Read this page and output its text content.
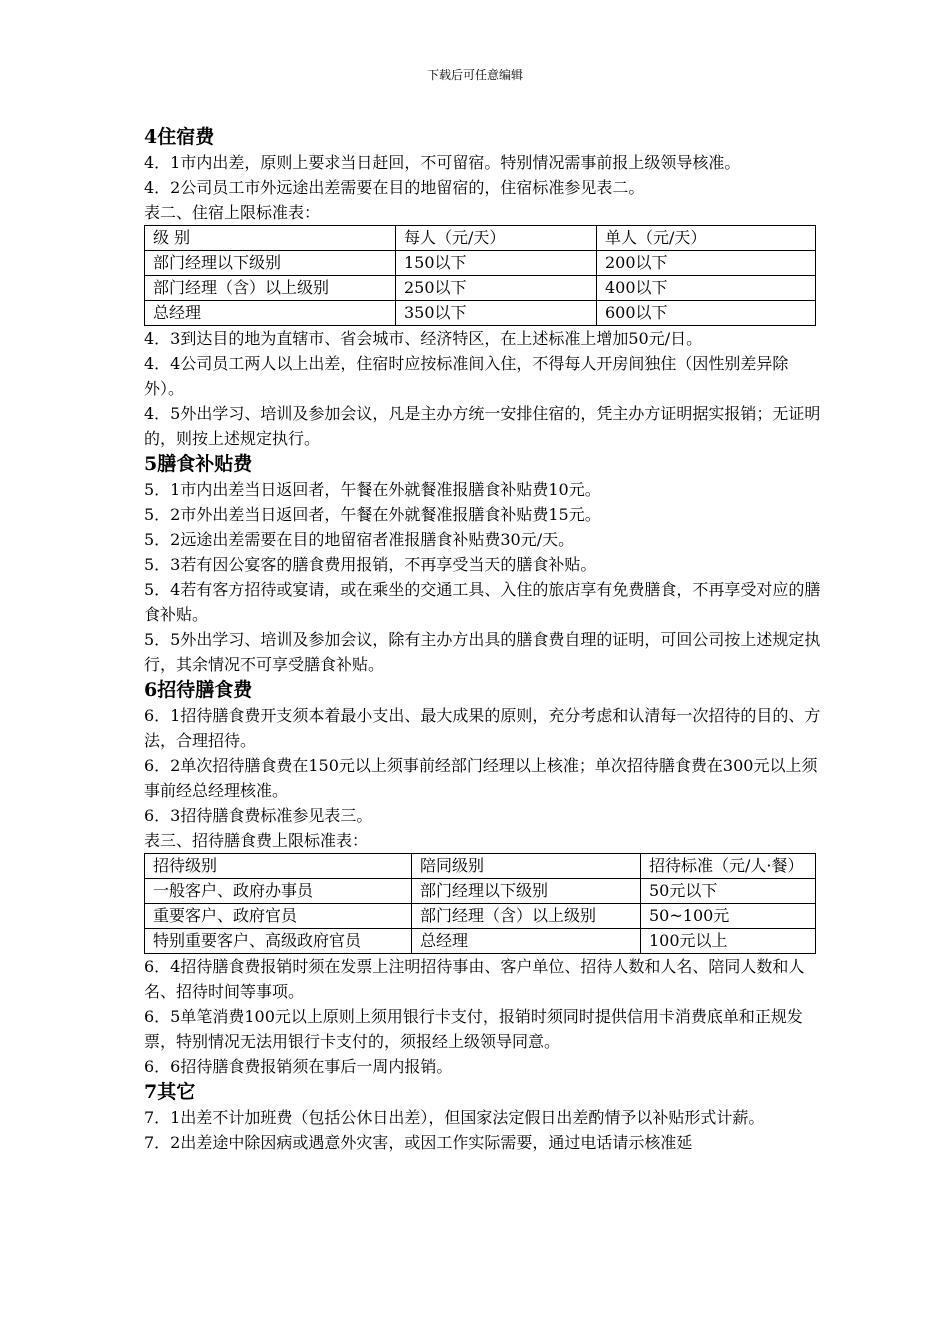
下载后可任意编辑

4住宿费

4．1市内出差，原则上要求当日赶回，不可留宿。特别情况需事前报上级领导核准。

4．2公司员工市外远途出差需要在目的地留宿的，住宿标准参见表二。

表二、住宿上限标准表：

级 别	每人（元/天）	单人（元/天）
部门经理以下级别	150以下	200以下
部门经理（含）以上级别	250以下	400以下
总经理	350以下	600以下

4．3到达目的地为直辖市、省会城市、经济特区，在上述标准上增加50元/日。

4．4公司员工两人以上出差，住宿时应按标准间入住，不得每人开房间独住（因性别差异除外）。

4．5外出学习、培训及参加会议，凡是主办方统一安排住宿的，凭主办方证明据实报销；无证明的，则按上述规定执行。

5膳食补贴费

5．1市内出差当日返回者，午餐在外就餐准报膳食补贴费10元。

5．2市外出差当日返回者，午餐在外就餐准报膳食补贴费15元。

5．2远途出差需要在目的地留宿者准报膳食补贴费30元/天。

5．3若有因公宴客的膳食费用报销，不再享受当天的膳食补贴。

5．4若有客方招待或宴请，或在乘坐的交通工具、入住的旅店享有免费膳食，不再享受对应的膳食补贴。

5．5外出学习、培训及参加会议，除有主办方出具的膳食费自理的证明，可回公司按上述规定执行，其余情况不可享受膳食补贴。

6招待膳食费

6．1招待膳食费开支须本着最小支出、最大成果的原则，充分考虑和认清每一次招待的目的、方法，合理招待。

6．2单次招待膳食费在150元以上须事前经部门经理以上核准；单次招待膳食费在300元以上须事前经总经理核准。

6．3招待膳食费标准参见表三。

表三、招待膳食费上限标准表：

招待级别	陪同级别	招待标准（元/人·餐）
一般客户、政府办事员	部门经理以下级别	50元以下
重要客户、政府官员	部门经理（含）以上级别	50~100元
特别重要客户、高级政府官员	总经理	100元以上

6．4招待膳食费报销时须在发票上注明招待事由、客户单位、招待人数和人名、陪同人数和人名、招待时间等事项。

6．5单笔消费100元以上原则上须用银行卡支付，报销时须同时提供信用卡消费底单和正规发票，特别情况无法用银行卡支付的，须报经上级领导同意。

6．6招待膳食费报销须在事后一周内报销。

7其它

7．1出差不计加班费（包括公休日出差），但国家法定假日出差酌情予以补贴形式计薪。

7．2出差途中除因病或遇意外灾害，或因工作实际需要，通过电话请示核准延
